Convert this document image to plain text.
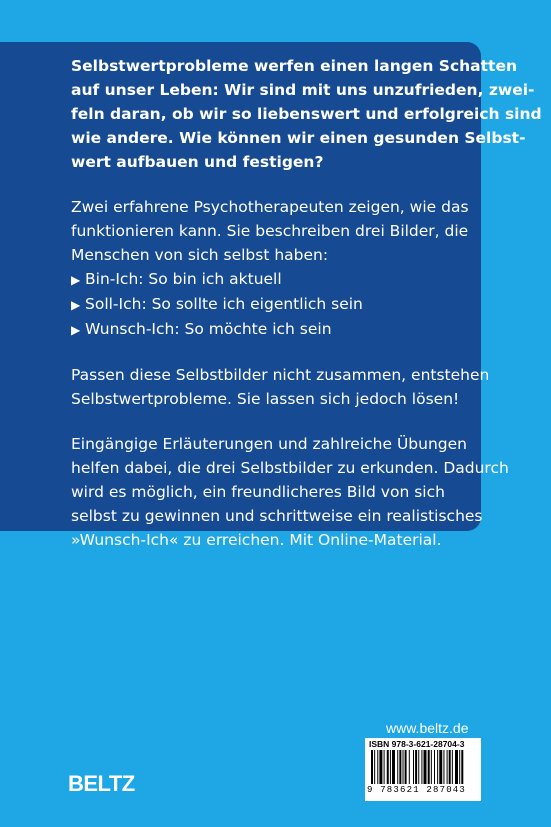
Selbstwertprobleme werfen einen langen Schatten
auf unser Leben: Wir sind mit uns unzufrieden, zwei-
feln daran, ob wir so liebenswert und erfolgreich sind
wie andere. Wie können wir einen gesunden Selbst-
wert aufbauen und festigen?
Zwei erfahrene Psychotherapeuten zeigen, wie das
funktionieren kann. Sie beschreiben drei Bilder, die
Menschen von sich selbst haben:
▶ Bin-Ich: So bin ich aktuell
▶ Soll-Ich: So sollte ich eigentlich sein
▶ Wunsch-Ich: So möchte ich sein
Passen diese Selbstbilder nicht zusammen, entstehen
Selbstwertprobleme. Sie lassen sich jedoch lösen!
Eingängige Erläuterungen und zahlreiche Übungen
helfen dabei, die drei Selbstbilder zu erkunden. Dadurch
wird es möglich, ein freundlicheres Bild von sich
selbst zu gewinnen und schrittweise ein realistisches
»Wunsch-Ich« zu erreichen. Mit Online-Material.
www.beltz.de
ISBN 978-3-621-28704-3
9 783621 287043
BELTZ
